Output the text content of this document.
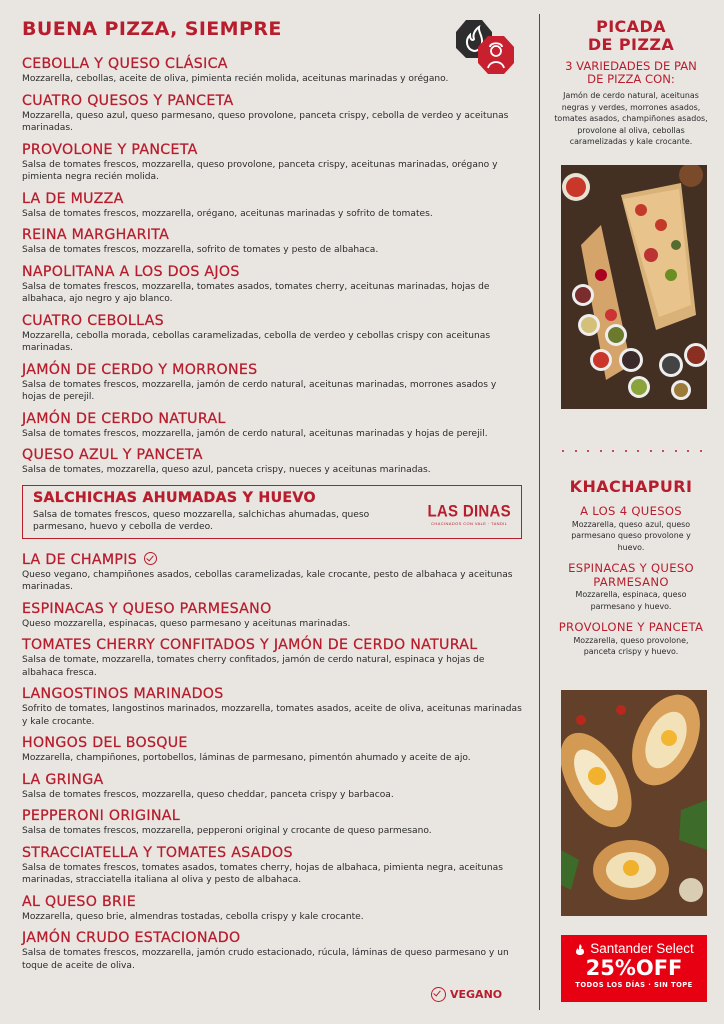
BUENA PIZZA, SIEMPRE
CEBOLLA Y QUESO CLÁSICA

Mozzarella, cebollas, aceite de oliva, pimienta recién molida, aceitunas marinadas y orégano.

CUATRO QUESOS Y PANCETA

Mozzarella, queso azul, queso parmesano, queso provolone, panceta crispy, cebolla de verdeo y aceitunas marinadas.

PROVOLONE Y PANCETA

Salsa de tomates frescos, mozzarella, queso provolone, panceta crispy, aceitunas marinadas, orégano y pimienta negra recién molida.

LA DE MUZZA

Salsa de tomates frescos, mozzarella, orégano, aceitunas marinadas y sofrito de tomates.

REINA MARGHARITA

Salsa de tomates frescos, mozzarella, sofrito de tomates y pesto de albahaca.

NAPOLITANA A LOS DOS AJOS

Salsa de tomates frescos, mozzarella, tomates asados, tomates cherry, aceitunas marinadas, hojas de albahaca, ajo negro y ajo blanco.

CUATRO CEBOLLAS

Mozzarella, cebolla morada, cebollas caramelizadas, cebolla de verdeo y cebollas crispy con aceitunas marinadas.

JAMÓN DE CERDO Y MORRONES

Salsa de tomates frescos, mozzarella, jamón de cerdo natural, aceitunas marinadas, morrones asados y hojas de perejil.

JAMÓN DE CERDO NATURAL

Salsa de tomates frescos, mozzarella, jamón de cerdo natural, aceitunas marinadas y hojas de perejil.

QUESO AZUL Y PANCETA

Salsa de tomates, mozzarella, queso azul, panceta crispy, nueces y aceitunas marinadas.

SALCHICHAS AHUMADAS Y HUEVO

Salsa de tomates frescos, queso mozzarella, salchichas ahumadas, queso parmesano, huevo y cebolla de verdeo.

LAS DINAS
CHACINADOS CON VALE · TANDIL
LA DE CHAMPIS

Queso vegano, champiñones asados, cebollas caramelizadas, kale crocante, pesto de albahaca y aceitunas marinadas.

ESPINACAS Y QUESO PARMESANO

Queso mozzarella, espinacas, queso parmesano y aceitunas marinadas.

TOMATES CHERRY CONFITADOS Y JAMÓN DE CERDO NATURAL

Salsa de tomate, mozzarella, tomates cherry confitados, jamón de cerdo natural, espinaca y hojas de albahaca fresca.

LANGOSTINOS MARINADOS

Sofrito de tomates, langostinos marinados, mozzarella, tomates asados, aceite de oliva, aceitunas marinadas y kale crocante.

HONGOS DEL BOSQUE

Mozzarella, champiñones, portobellos, láminas de parmesano, pimentón ahumado y aceite de ajo.

LA GRINGA

Salsa de tomates frescos, mozzarella, queso cheddar, panceta crispy y barbacoa.

PEPPERONI ORIGINAL

Salsa de tomates frescos, mozzarella, pepperoni original y crocante de queso parmesano.

STRACCIATELLA Y TOMATES ASADOS

Salsa de tomates frescos, tomates asados, tomates cherry, hojas de albahaca, pimienta negra, aceitunas marinadas, stracciatella italiana al oliva y pesto de albahaca.

AL QUESO BRIE

Mozzarella, queso brie, almendras tostadas, cebolla crispy y kale crocante.

JAMÓN CRUDO ESTACIONADO

Salsa de tomates frescos, mozzarella, jamón crudo estacionado, rúcula, láminas de queso parmesano y un toque de aceite de oliva.

VEGANO
PICADA
DE PIZZA
3 VARIEDADES DE PAN DE PIZZA CON:

Jamón de cerdo natural, aceitunas negras y verdes, morrones asados, tomates asados, champiñones asados, provolone al oliva, cebollas caramelizadas y kale crocante.

KHACHAPURI
A LOS 4 QUESOS

Mozzarella, queso azul, queso parmesano queso provolone y huevo.

ESPINACAS Y QUESO PARMESANO

Mozzarella, espinaca, queso parmesano y huevo.

PROVOLONE Y PANCETA

Mozzarella, queso provolone, panceta crispy y huevo.

Santander Select
25%OFF
TODOS LOS DÍAS · SIN TOPE
